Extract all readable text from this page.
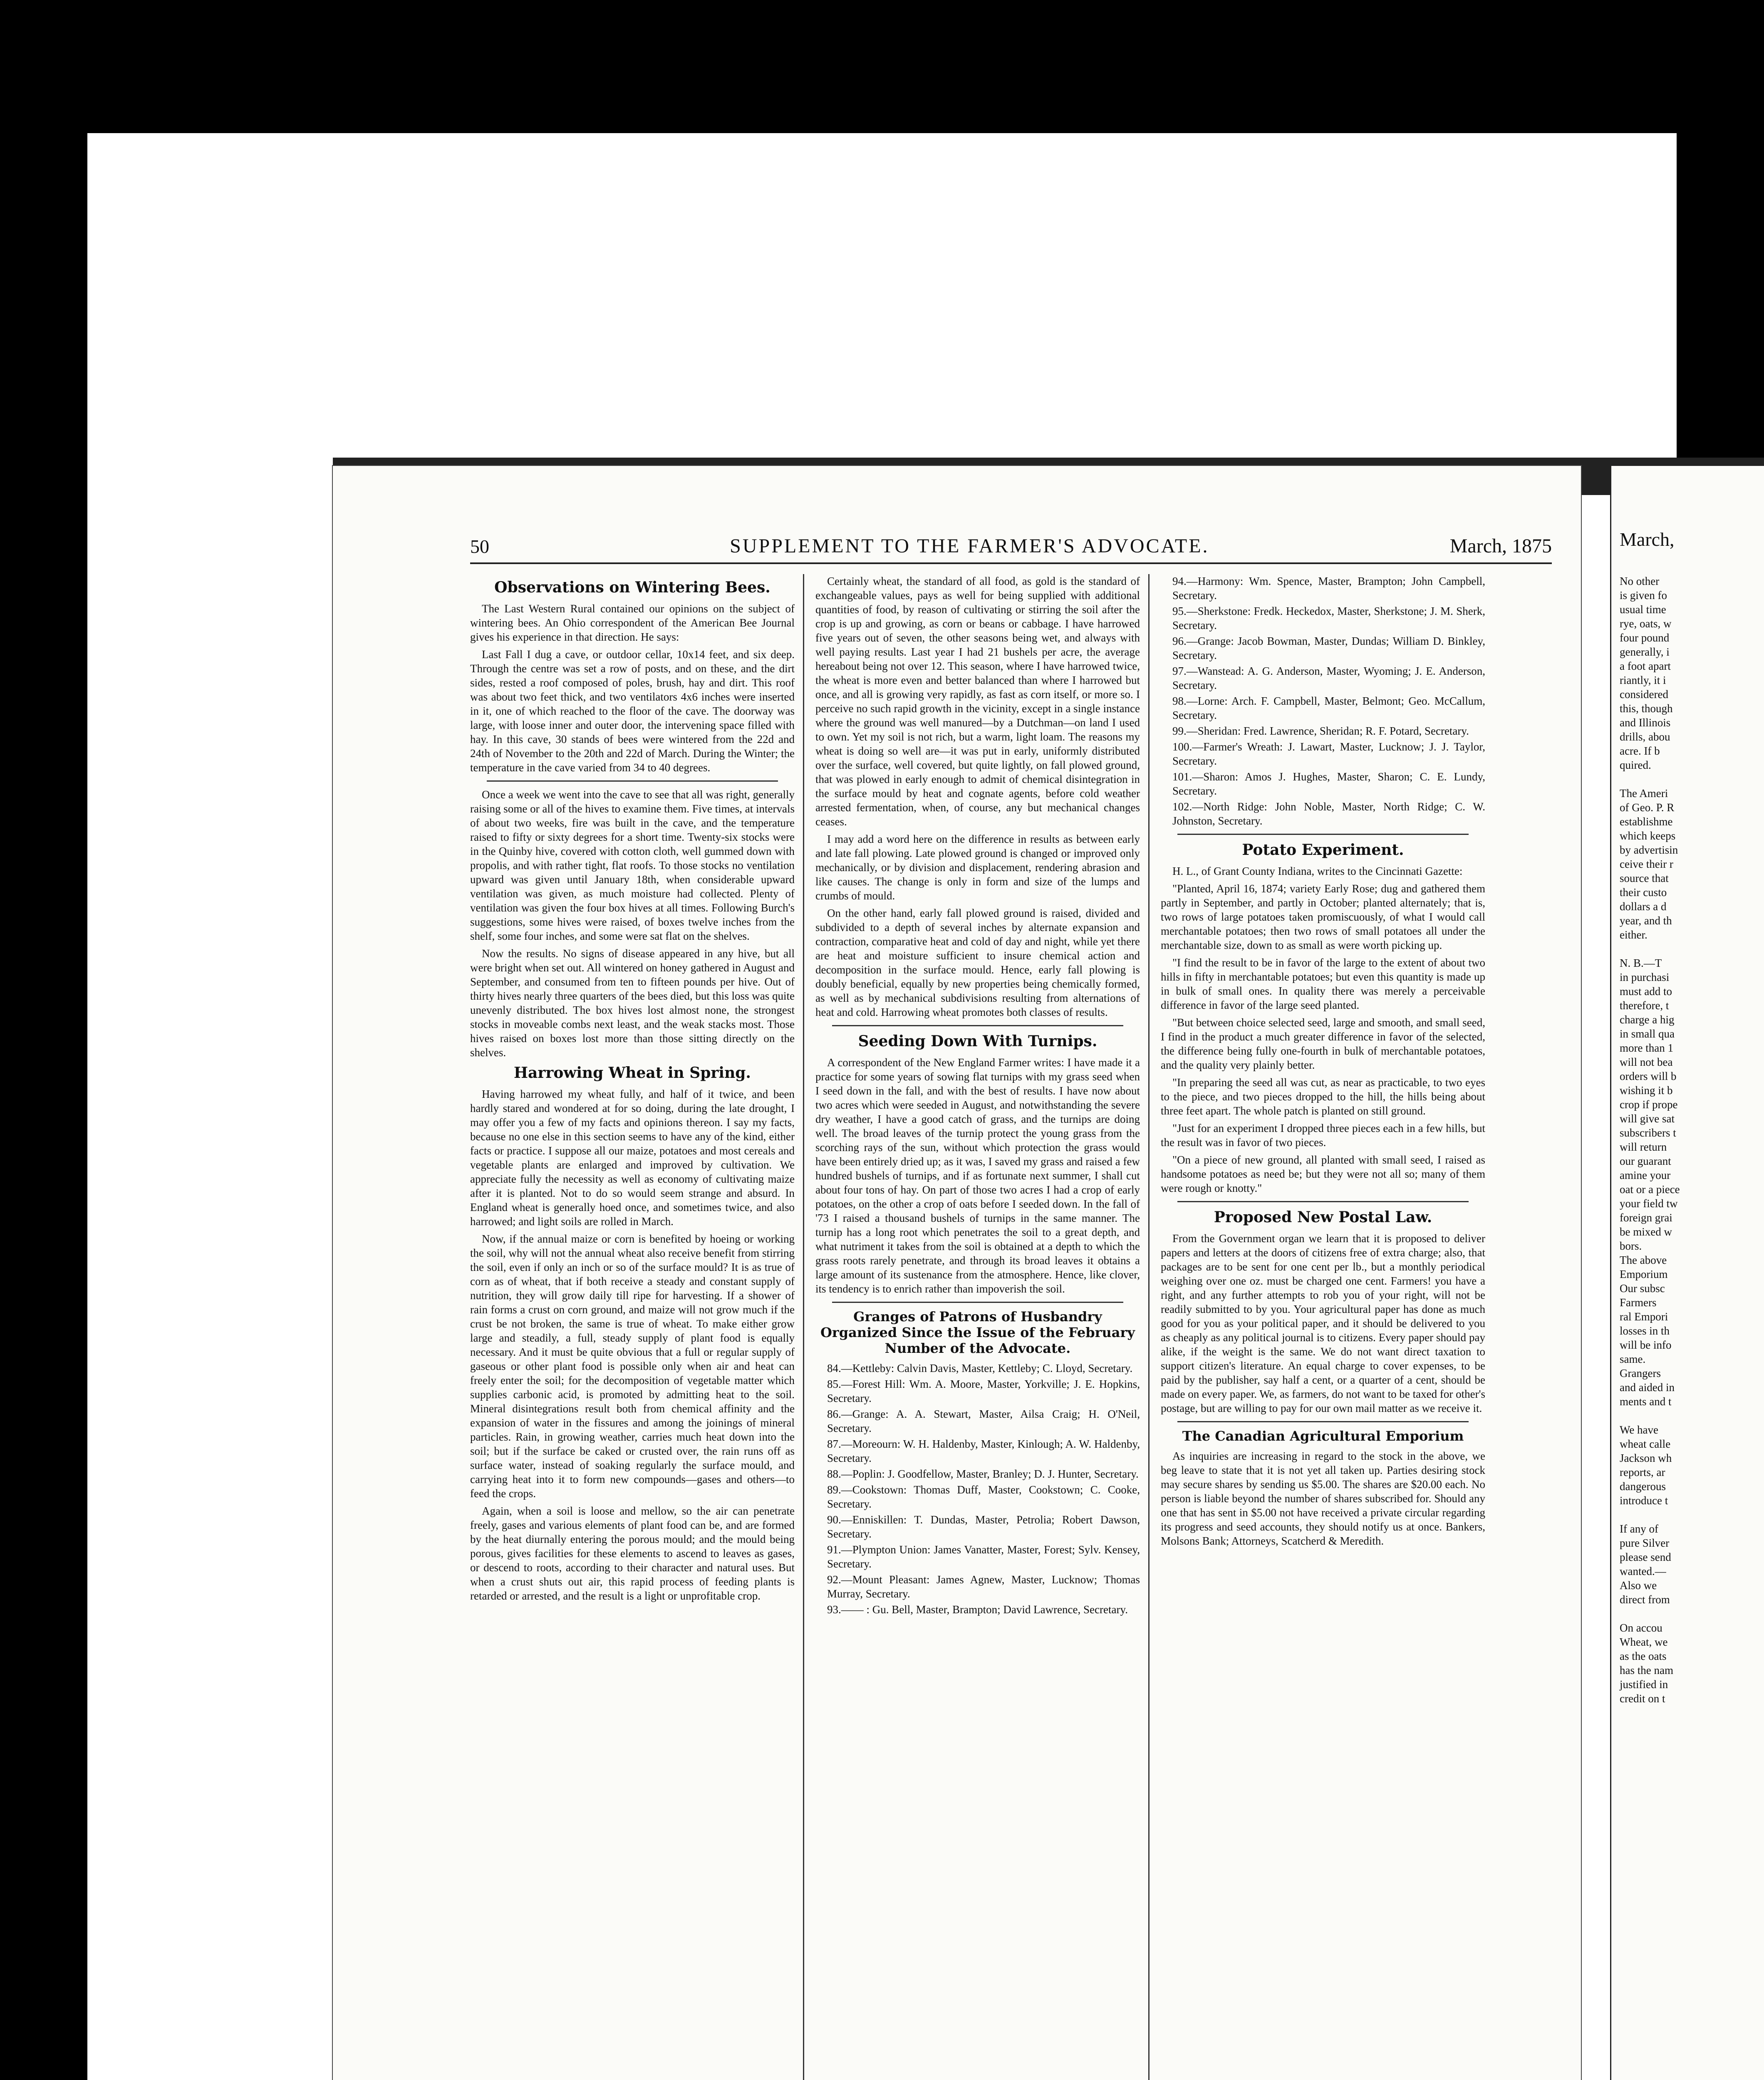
50	SUPPLEMENT TO THE FARMER'S ADVOCATE.	March, 1875
Observations on Wintering Bees.

The Last Western Rural contained our opinions on the subject of wintering bees. An Ohio correspondent of the American Bee Journal gives his experience in that direction. He says:

Last Fall I dug a cave, or outdoor cellar, 10x14 feet, and six deep. Through the centre was set a row of posts, and on these, and the dirt sides, rested a roof composed of poles, brush, hay and dirt. This roof was about two feet thick, and two ventilators 4x6 inches were inserted in it, one of which reached to the floor of the cave. The doorway was large, with loose inner and outer door, the intervening space filled with hay. In this cave, 30 stands of bees were wintered from the 22d and 24th of November to the 20th and 22d of March. During the Winter; the temperature in the cave varied from 34 to 40 degrees.

Once a week we went into the cave to see that all was right, generally raising some or all of the hives to examine them. Five times, at intervals of about two weeks, fire was built in the cave, and the temperature raised to fifty or sixty degrees for a short time. Twenty-six stocks were in the Quinby hive, covered with cotton cloth, well gummed down with propolis, and with rather tight, flat roofs. To those stocks no ventilation upward was given until January 18th, when considerable upward ventilation was given, as much moisture had collected. Plenty of ventilation was given the four box hives at all times. Following Burch's suggestions, some hives were raised, of boxes twelve inches from the shelf, some four inches, and some were sat flat on the shelves.

Now the results. No signs of disease appeared in any hive, but all were bright when set out. All wintered on honey gathered in August and September, and consumed from ten to fifteen pounds per hive. Out of thirty hives nearly three quarters of the bees died, but this loss was quite unevenly distributed. The box hives lost almost none, the strongest stocks in moveable combs next least, and the weak stacks most. Those hives raised on boxes lost more than those sitting directly on the shelves.

Harrowing Wheat in Spring.

Having harrowed my wheat fully, and half of it twice, and been hardly stared and wondered at for so doing, during the late drought, I may offer you a few of my facts and opinions thereon. I say my facts, because no one else in this section seems to have any of the kind, either facts or practice. I suppose all our maize, potatoes and most cereals and vegetable plants are enlarged and improved by cultivation. We appreciate fully the necessity as well as economy of cultivating maize after it is planted. Not to do so would seem strange and absurd. In England wheat is generally hoed once, and sometimes twice, and also harrowed; and light soils are rolled in March.

Now, if the annual maize or corn is benefited by hoeing or working the soil, why will not the annual wheat also receive benefit from stirring the soil, even if only an inch or so of the surface mould? It is as true of corn as of wheat, that if both receive a steady and constant supply of nutrition, they will grow daily till ripe for harvesting. If a shower of rain forms a crust on corn ground, and maize will not grow much if the crust be not broken, the same is true of wheat. To make either grow large and steadily, a full, steady supply of plant food is equally necessary. And it must be quite obvious that a full or regular supply of gaseous or other plant food is possible only when air and heat can freely enter the soil; for the decomposition of vegetable matter which supplies carbonic acid, is promoted by admitting heat to the soil. Mineral disintegrations result both from chemical affinity and the expansion of water in the fissures and among the joinings of mineral particles. Rain, in growing weather, carries much heat down into the soil; but if the surface be caked or crusted over, the rain runs off as surface water, instead of soaking regularly the surface mould, and carrying heat into it to form new compounds—gases and others—to feed the crops.

Again, when a soil is loose and mellow, so the air can penetrate freely, gases and various elements of plant food can be, and are formed by the heat diurnally entering the porous mould; and the mould being porous, gives facilities for these elements to ascend to leaves as gases, or descend to roots, according to their character and natural uses. But when a crust shuts out air, this rapid process of feeding plants is retarded or arrested, and the result is a light or unprofitable crop.

Certainly wheat, the standard of all food, as gold is the standard of exchangeable values, pays as well for being supplied with additional quantities of food, by reason of cultivating or stirring the soil after the crop is up and growing, as corn or beans or cabbage. I have harrowed five years out of seven, the other seasons being wet, and always with well paying results. Last year I had 21 bushels per acre, the average hereabout being not over 12. This season, where I have harrowed twice, the wheat is more even and better balanced than where I harrowed but once, and all is growing very rapidly, as fast as corn itself, or more so. I perceive no such rapid growth in the vicinity, except in a single instance where the ground was well manured—by a Dutchman—on land I used to own. Yet my soil is not rich, but a warm, light loam. The reasons my wheat is doing so well are—it was put in early, uniformly distributed over the surface, well covered, but quite lightly, on fall plowed ground, that was plowed in early enough to admit of chemical disintegration in the surface mould by heat and cognate agents, before cold weather arrested fermentation, when, of course, any but mechanical changes ceases.

I may add a word here on the difference in results as between early and late fall plowing. Late plowed ground is changed or improved only mechanically, or by division and displacement, rendering abrasion and like causes. The change is only in form and size of the lumps and crumbs of mould.

On the other hand, early fall plowed ground is raised, divided and subdivided to a depth of several inches by alternate expansion and contraction, comparative heat and cold of day and night, while yet there are heat and moisture sufficient to insure chemical action and decomposition in the surface mould. Hence, early fall plowing is doubly beneficial, equally by new properties being chemically formed, as well as by mechanical subdivisions resulting from alternations of heat and cold. Harrowing wheat promotes both classes of results.

Seeding Down With Turnips.

A correspondent of the New England Farmer writes: I have made it a practice for some years of sowing flat turnips with my grass seed when I seed down in the fall, and with the best of results. I have now about two acres which were seeded in August, and notwithstanding the severe dry weather, I have a good catch of grass, and the turnips are doing well. The broad leaves of the turnip protect the young grass from the scorching rays of the sun, without which protection the grass would have been entirely dried up; as it was, I saved my grass and raised a few hundred bushels of turnips, and if as fortunate next summer, I shall cut about four tons of hay. On part of those two acres I had a crop of early potatoes, on the other a crop of oats before I seeded down. In the fall of '73 I raised a thousand bushels of turnips in the same manner. The turnip has a long root which penetrates the soil to a great depth, and what nutriment it takes from the soil is obtained at a depth to which the grass roots rarely penetrate, and through its broad leaves it obtains a large amount of its sustenance from the atmosphere. Hence, like clover, its tendency is to enrich rather than impoverish the soil.

Granges of Patrons of Husbandry Organized Since the Issue of the February Number of the Advocate.

84.—Kettleby: Calvin Davis, Master, Kettleby; C. Lloyd, Secretary.

85.—Forest Hill: Wm. A. Moore, Master, Yorkville; J. E. Hopkins, Secretary.

86.—Grange: A. A. Stewart, Master, Ailsa Craig; H. O'Neil, Secretary.

87.—Moreourn: W. H. Haldenby, Master, Kinlough; A. W. Haldenby, Secretary.

88.—Poplin: J. Goodfellow, Master, Branley; D. J. Hunter, Secretary.

89.—Cookstown: Thomas Duff, Master, Cookstown; C. Cooke, Secretary.

90.—Enniskillen: T. Dundas, Master, Petrolia; Robert Dawson, Secretary.

91.—Plympton Union: James Vanatter, Master, Forest; Sylv. Kensey, Secretary.

92.—Mount Pleasant: James Agnew, Master, Lucknow; Thomas Murray, Secretary.

93.—— : Gu. Bell, Master, Brampton; David Lawrence, Secretary.

94.—Harmony: Wm. Spence, Master, Brampton; John Campbell, Secretary.

95.—Sherkstone: Fredk. Heckedox, Master, Sherkstone; J. M. Sherk, Secretary.

96.—Grange: Jacob Bowman, Master, Dundas; William D. Binkley, Secretary.

97.—Wanstead: A. G. Anderson, Master, Wyoming; J. E. Anderson, Secretary.

98.—Lorne: Arch. F. Campbell, Master, Belmont; Geo. McCallum, Secretary.

99.—Sheridan: Fred. Lawrence, Sheridan; R. F. Potard, Secretary.

100.—Farmer's Wreath: J. Lawart, Master, Lucknow; J. J. Taylor, Secretary.

101.—Sharon: Amos J. Hughes, Master, Sharon; C. E. Lundy, Secretary.

102.—North Ridge: John Noble, Master, North Ridge; C. W. Johnston, Secretary.

Potato Experiment.

H. L., of Grant County Indiana, writes to the Cincinnati Gazette:

"Planted, April 16, 1874; variety Early Rose; dug and gathered them partly in September, and partly in October; planted alternately; that is, two rows of large potatoes taken promiscuously, of what I would call merchantable potatoes; then two rows of small potatoes all under the merchantable size, down to as small as were worth picking up.

"I find the result to be in favor of the large to the extent of about two hills in fifty in merchantable potatoes; but even this quantity is made up in bulk of small ones. In quality there was merely a perceivable difference in favor of the large seed planted.

"But between choice selected seed, large and smooth, and small seed, I find in the product a much greater difference in favor of the selected, the difference being fully one-fourth in bulk of merchantable potatoes, and the quality very plainly better.

"In preparing the seed all was cut, as near as practicable, to two eyes to the piece, and two pieces dropped to the hill, the hills being about three feet apart. The whole patch is planted on still ground.

"Just for an experiment I dropped three pieces each in a few hills, but the result was in favor of two pieces.

"On a piece of new ground, all planted with small seed, I raised as handsome potatoes as need be; but they were not all so; many of them were rough or knotty."

Proposed New Postal Law.

From the Government organ we learn that it is proposed to deliver papers and letters at the doors of citizens free of extra charge; also, that packages are to be sent for one cent per lb., but a monthly periodical weighing over one oz. must be charged one cent. Farmers! you have a right, and any further attempts to rob you of your right, will not be readily submitted to by you. Your agricultural paper has done as much good for you as your political paper, and it should be delivered to you as cheaply as any political journal is to citizens. Every paper should pay alike, if the weight is the same. We do not want direct taxation to support citizen's literature. An equal charge to cover expenses, to be paid by the publisher, say half a cent, or a quarter of a cent, should be made on every paper. We, as farmers, do not want to be taxed for other's postage, but are willing to pay for our own mail matter as we receive it.

The Canadian Agricultural Emporium

As inquiries are increasing in regard to the stock in the above, we beg leave to state that it is not yet all taken up. Parties desiring stock may secure shares by sending us $5.00. The shares are $20.00 each. No person is liable beyond the number of shares subscribed for. Should any one that has sent in $5.00 not have received a private circular regarding its progress and seed accounts, they should notify us at once. Bankers, Molsons Bank; Attorneys, Scatcherd & Meredith.

March,
No other
is given fo
usual time
rye, oats, w
four pound
generally, i
a foot apart
riantly, it i
considered
this, though
and Illinois
drills, abou
acre. If b
quired.

The Ameri
of Geo. P. R
establishme
which keeps
by advertisin
ceive their r
source that
their custo
dollars a d
year, and th
either.

N. B.—T
in purchasi
must add to
therefore, t
charge a hig
in small qua
more than 1
will not bea
orders will b
wishing it b
crop if prope
will give sat
subscribers t
will return
our guarant
amine your
oat or a piece
your field tw
foreign grai
be mixed w
bors.
The above
Emporium
Our subsc
Farmers
ral Empori
losses in th
will be info
same.
Grangers
and aided in
ments and t

We have
wheat calle
Jackson wh
reports, ar
dangerous
introduce t

If any of
pure Silver
please send
wanted.—
Also we
direct from

On accou
Wheat, we
as the oats
has the nam
justified in
credit on t
